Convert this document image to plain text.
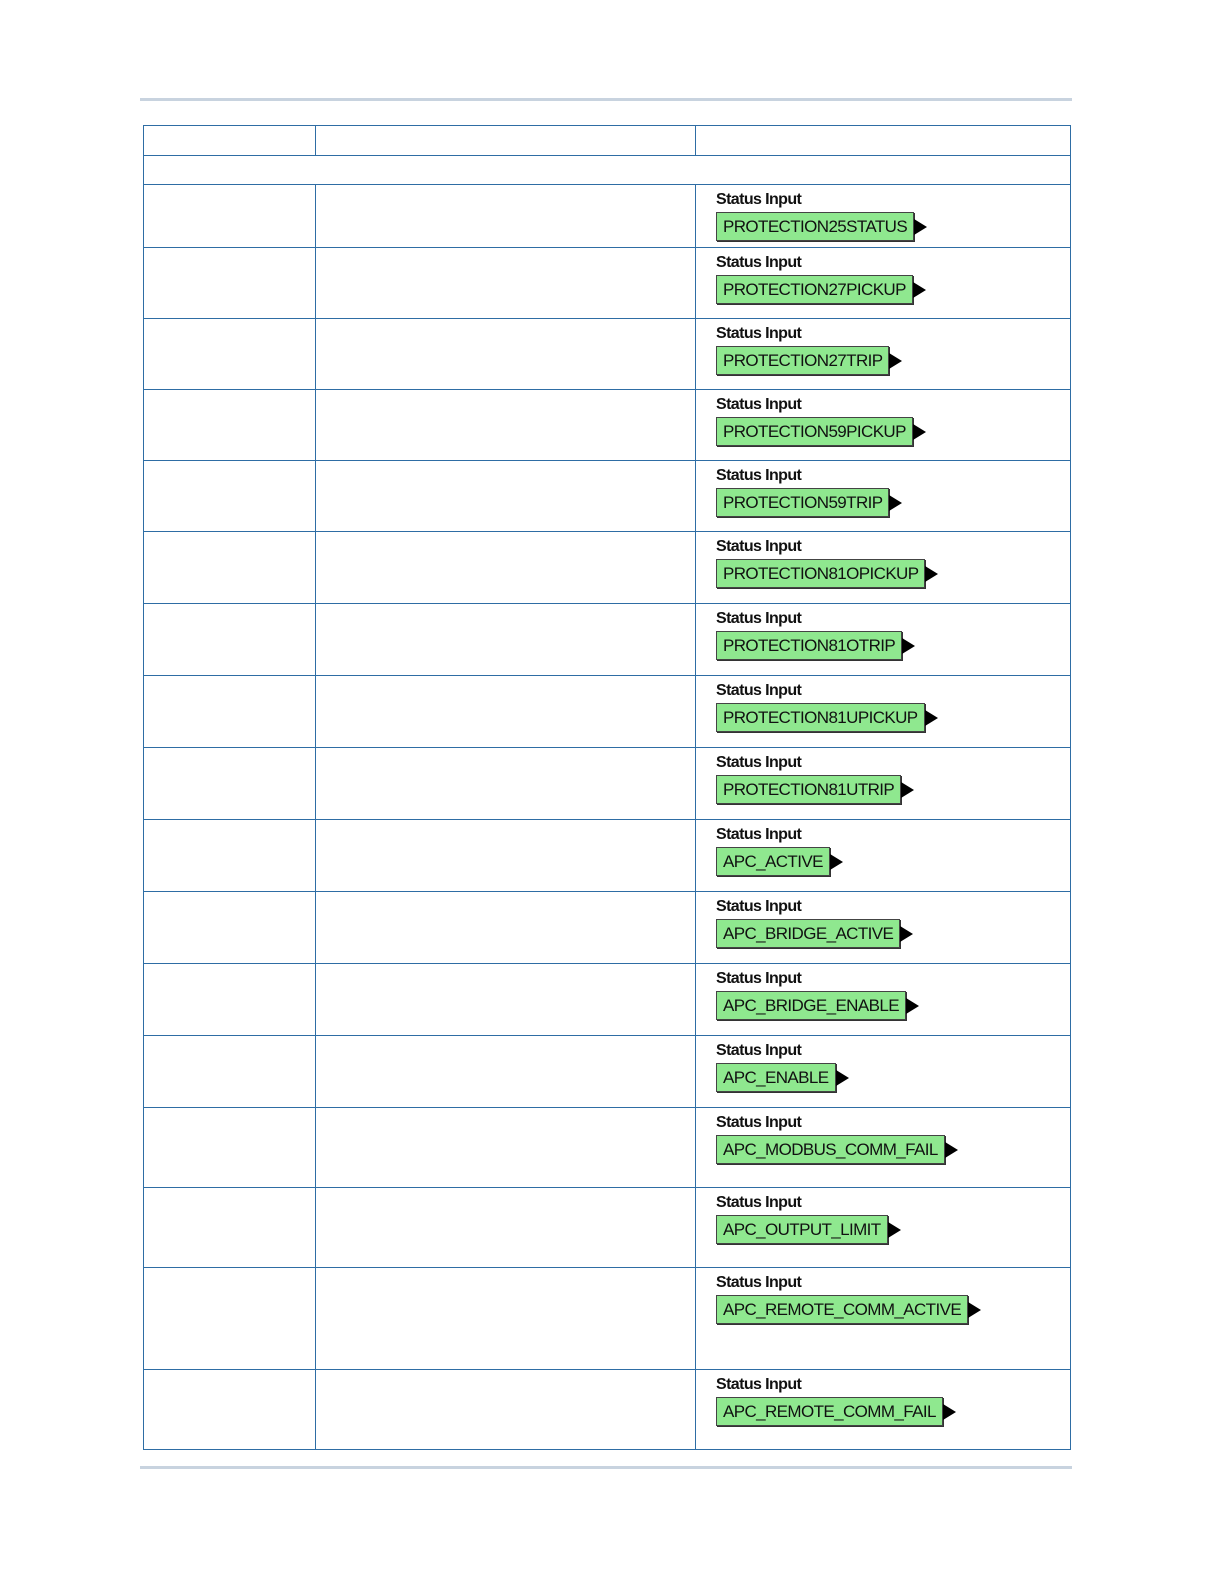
		Status Input
PROTECTION25STATUS

		Status Input
PROTECTION27PICKUP

		Status Input
PROTECTION27TRIP

		Status Input
PROTECTION59PICKUP

		Status Input
PROTECTION59TRIP

		Status Input
PROTECTION81OPICKUP

		Status Input
PROTECTION81OTRIP

		Status Input
PROTECTION81UPICKUP

		Status Input
PROTECTION81UTRIP

		Status Input
APC_ACTIVE

		Status Input
APC_BRIDGE_ACTIVE

		Status Input
APC_BRIDGE_ENABLE

		Status Input
APC_ENABLE

		Status Input
APC_MODBUS_COMM_FAIL

		Status Input
APC_OUTPUT_LIMIT

		Status Input
APC_REMOTE_COMM_ACTIVE

		Status Input
APC_REMOTE_COMM_FAIL
